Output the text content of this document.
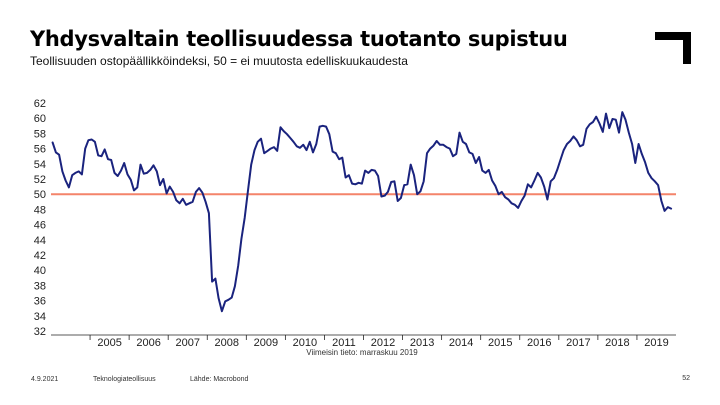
Yhdysvaltain teollisuudessa tuotanto supistuu
Teollisuuden ostopäällikköindeksi, 50 = ei muutosta edelliskuukaudesta
32
34
36
38
40
42
44
46
48
50
52
54
56
58
60
62
2005 2006 2007 2008 2009 2010 2011 2012 2013 2014 2015 2016 2017 2018 2019
Viimeisin tieto: marraskuu 2019
4.9.2021	Teknologiateollisuus	Lähde: Macrobond	52
